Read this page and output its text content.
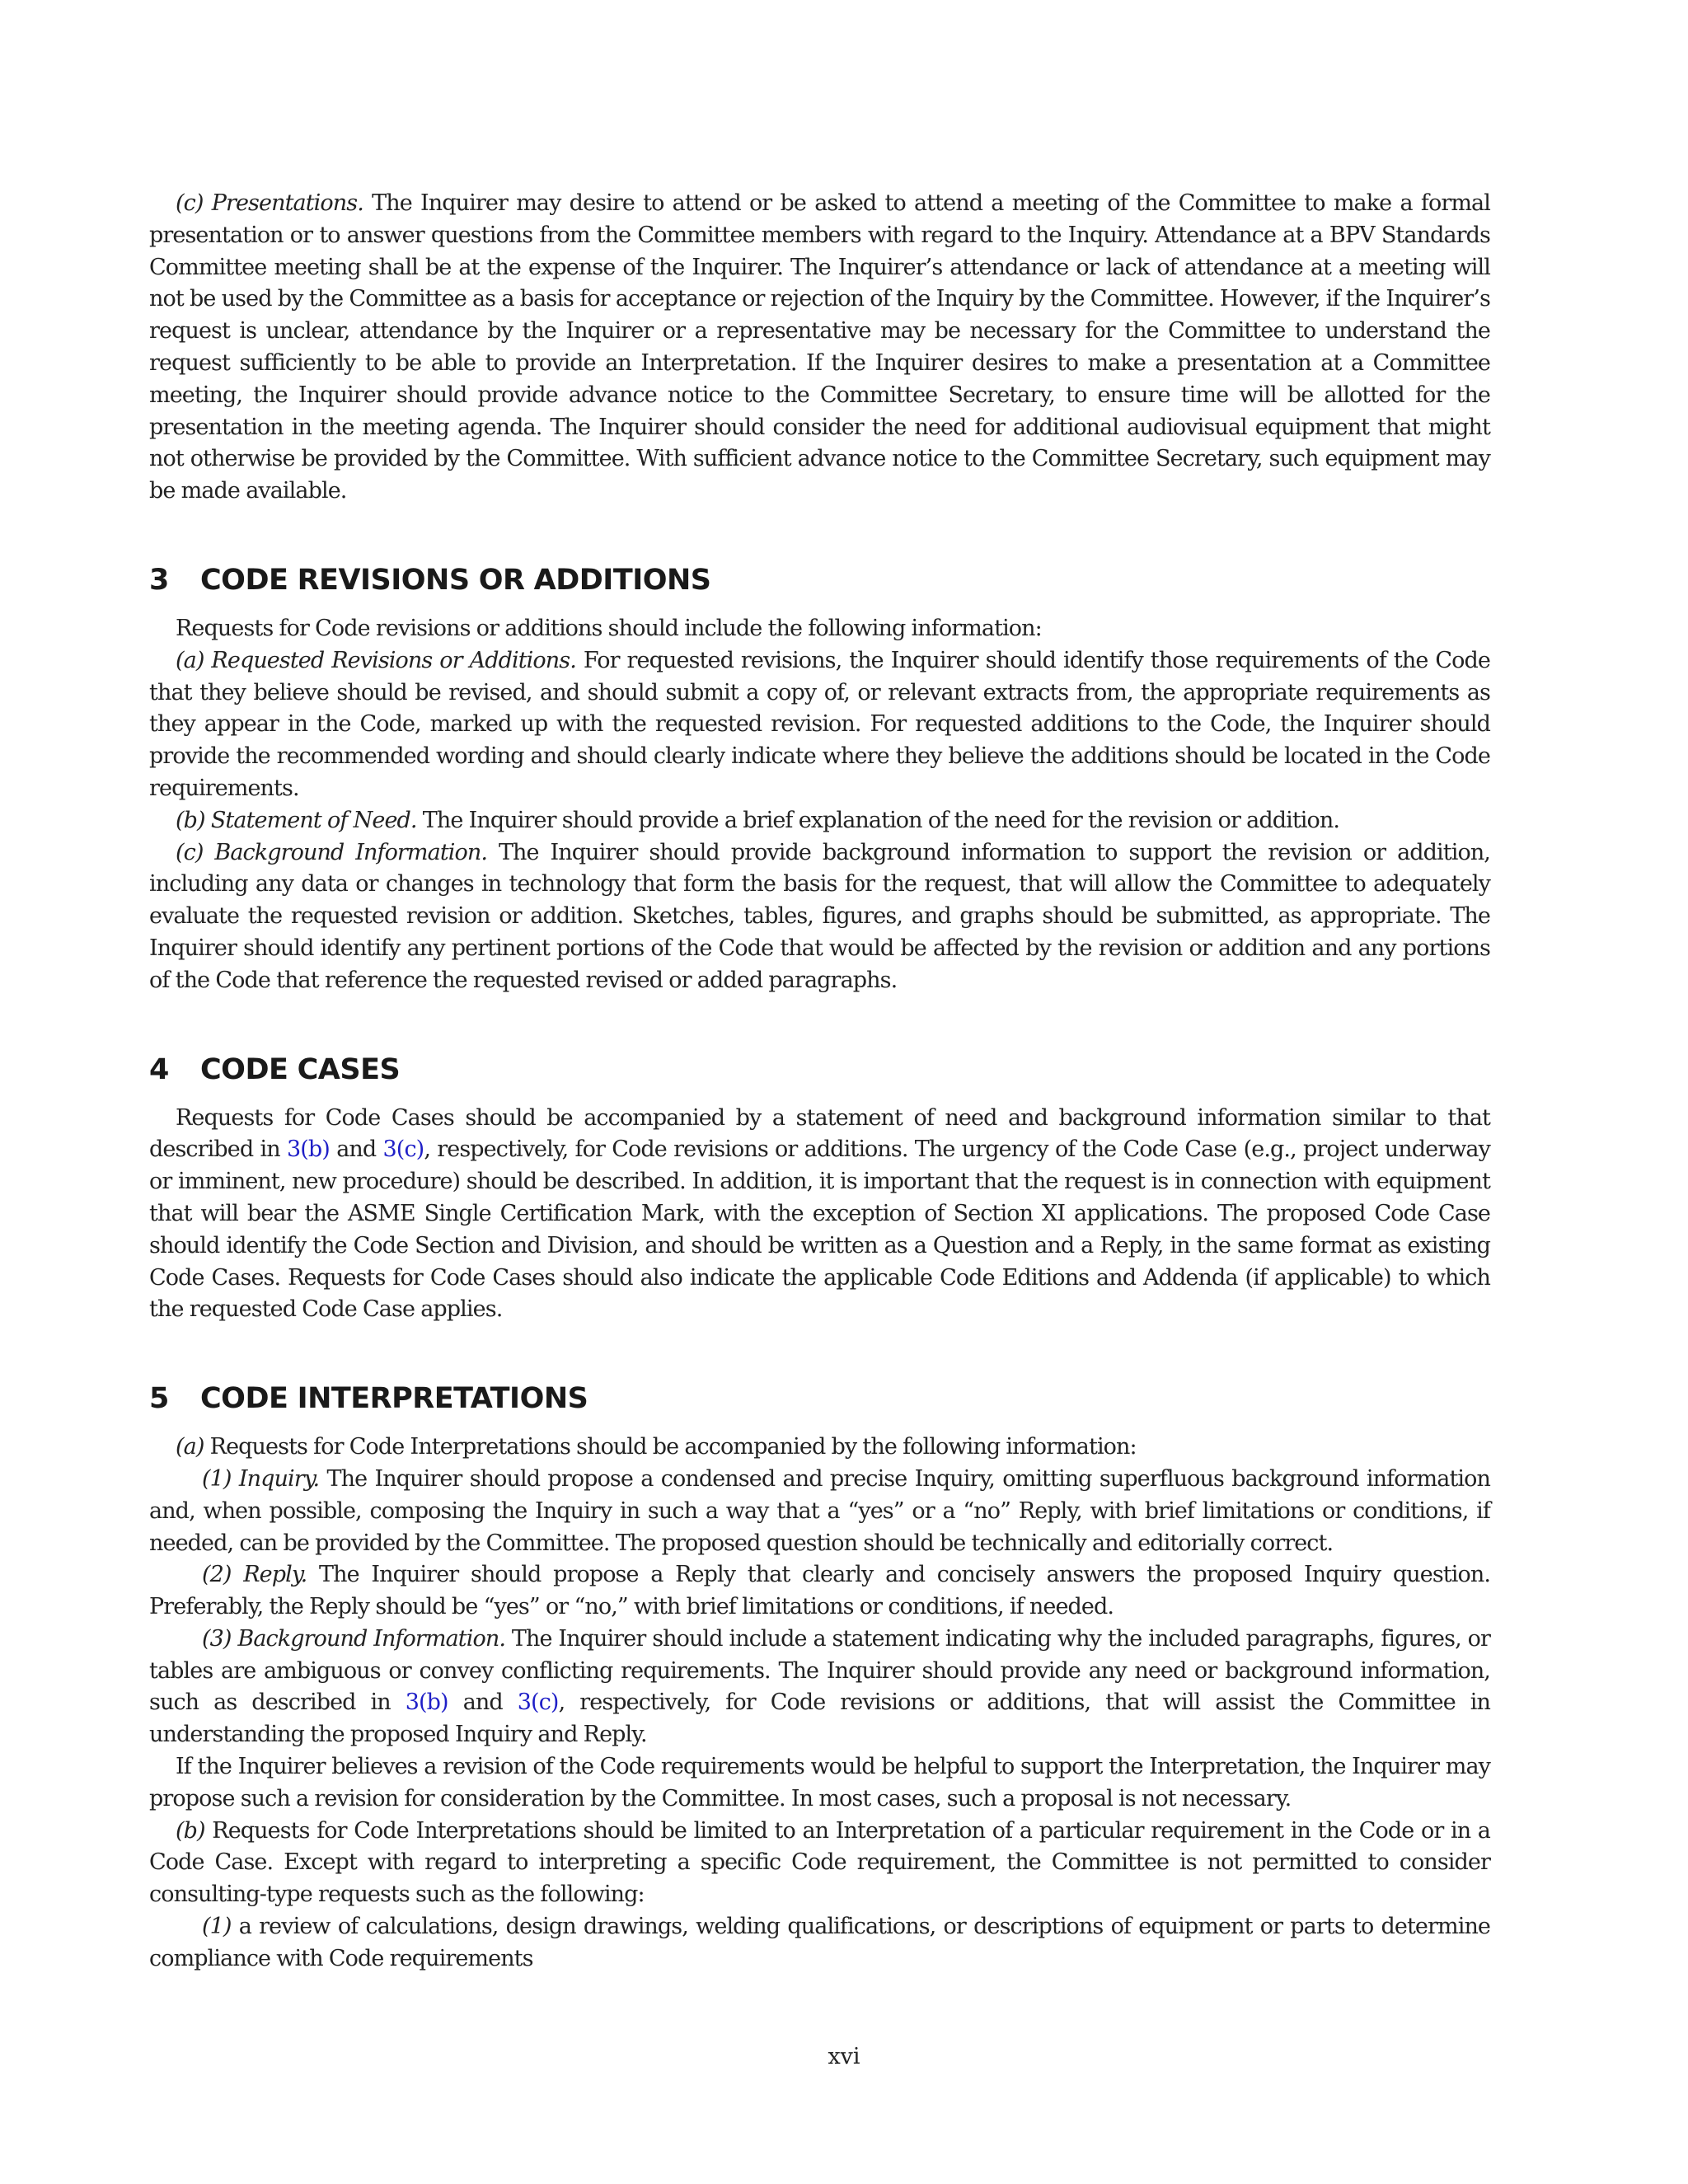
(c) Presentations. The Inquirer may desire to attend or be asked to attend a meeting of the Committee to make a formal presentation or to answer questions from the Committee members with regard to the Inquiry. Attendance at a BPV Standards Committee meeting shall be at the expense of the Inquirer. The Inquirer’s attendance or lack of attendance at a meeting will not be used by the Committee as a basis for acceptance or rejection of the Inquiry by the Committee. However, if the Inquirer’s request is unclear, attendance by the Inquirer or a representative may be necessary for the Committee to understand the request sufficiently to be able to provide an Interpretation. If the Inquirer desires to make a presentation at a Committee meeting, the Inquirer should provide advance notice to the Committee Secretary, to ensure time will be allotted for the presentation in the meeting agenda. The Inquirer should consider the need for additional audiovisual equipment that might not otherwise be provided by the Committee. With sufficient advance notice to the Committee Secretary, such equipment may be made available.

3 CODE REVISIONS OR ADDITIONS

Requests for Code revisions or additions should include the following information:

(a) Requested Revisions or Additions. For requested revisions, the Inquirer should identify those requirements of the Code that they believe should be revised, and should submit a copy of, or relevant extracts from, the appropriate requirements as they appear in the Code, marked up with the requested revision. For requested additions to the Code, the Inquirer should provide the recommended wording and should clearly indicate where they believe the additions should be located in the Code requirements.

(b) Statement of Need. The Inquirer should provide a brief explanation of the need for the revision or addition.

(c) Background Information. The Inquirer should provide background information to support the revision or addition, including any data or changes in technology that form the basis for the request, that will allow the Committee to adequately evaluate the requested revision or addition. Sketches, tables, figures, and graphs should be submitted, as appropriate. The Inquirer should identify any pertinent portions of the Code that would be affected by the revision or addition and any portions of the Code that reference the requested revised or added paragraphs.

4 CODE CASES

Requests for Code Cases should be accompanied by a statement of need and background information similar to that described in 3(b) and 3(c), respectively, for Code revisions or additions. The urgency of the Code Case (e.g., project underway or imminent, new procedure) should be described. In addition, it is important that the request is in connection with equipment that will bear the ASME Single Certification Mark, with the exception of Section XI applications. The proposed Code Case should identify the Code Section and Division, and should be written as a Question and a Reply, in the same format as existing Code Cases. Requests for Code Cases should also indicate the applicable Code Editions and Addenda (if applicable) to which the requested Code Case applies.

5 CODE INTERPRETATIONS

(a) Requests for Code Interpretations should be accompanied by the following information:

(1) Inquiry. The Inquirer should propose a condensed and precise Inquiry, omitting superfluous background information and, when possible, composing the Inquiry in such a way that a “yes” or a “no” Reply, with brief limitations or conditions, if needed, can be provided by the Committee. The proposed question should be technically and editorially correct.

(2) Reply. The Inquirer should propose a Reply that clearly and concisely answers the proposed Inquiry question. Preferably, the Reply should be “yes” or “no,” with brief limitations or conditions, if needed.

(3) Background Information. The Inquirer should include a statement indicating why the included paragraphs, figures, or tables are ambiguous or convey conflicting requirements. The Inquirer should provide any need or background information, such as described in 3(b) and 3(c), respectively, for Code revisions or additions, that will assist the Committee in understanding the proposed Inquiry and Reply.

If the Inquirer believes a revision of the Code requirements would be helpful to support the Interpretation, the Inquirer may propose such a revision for consideration by the Committee. In most cases, such a proposal is not necessary.

(b) Requests for Code Interpretations should be limited to an Interpretation of a particular requirement in the Code or in a Code Case. Except with regard to interpreting a specific Code requirement, the Committee is not permitted to consider consulting-type requests such as the following:

(1) a review of calculations, design drawings, welding qualifications, or descriptions of equipment or parts to determine compliance with Code requirements

xvi
